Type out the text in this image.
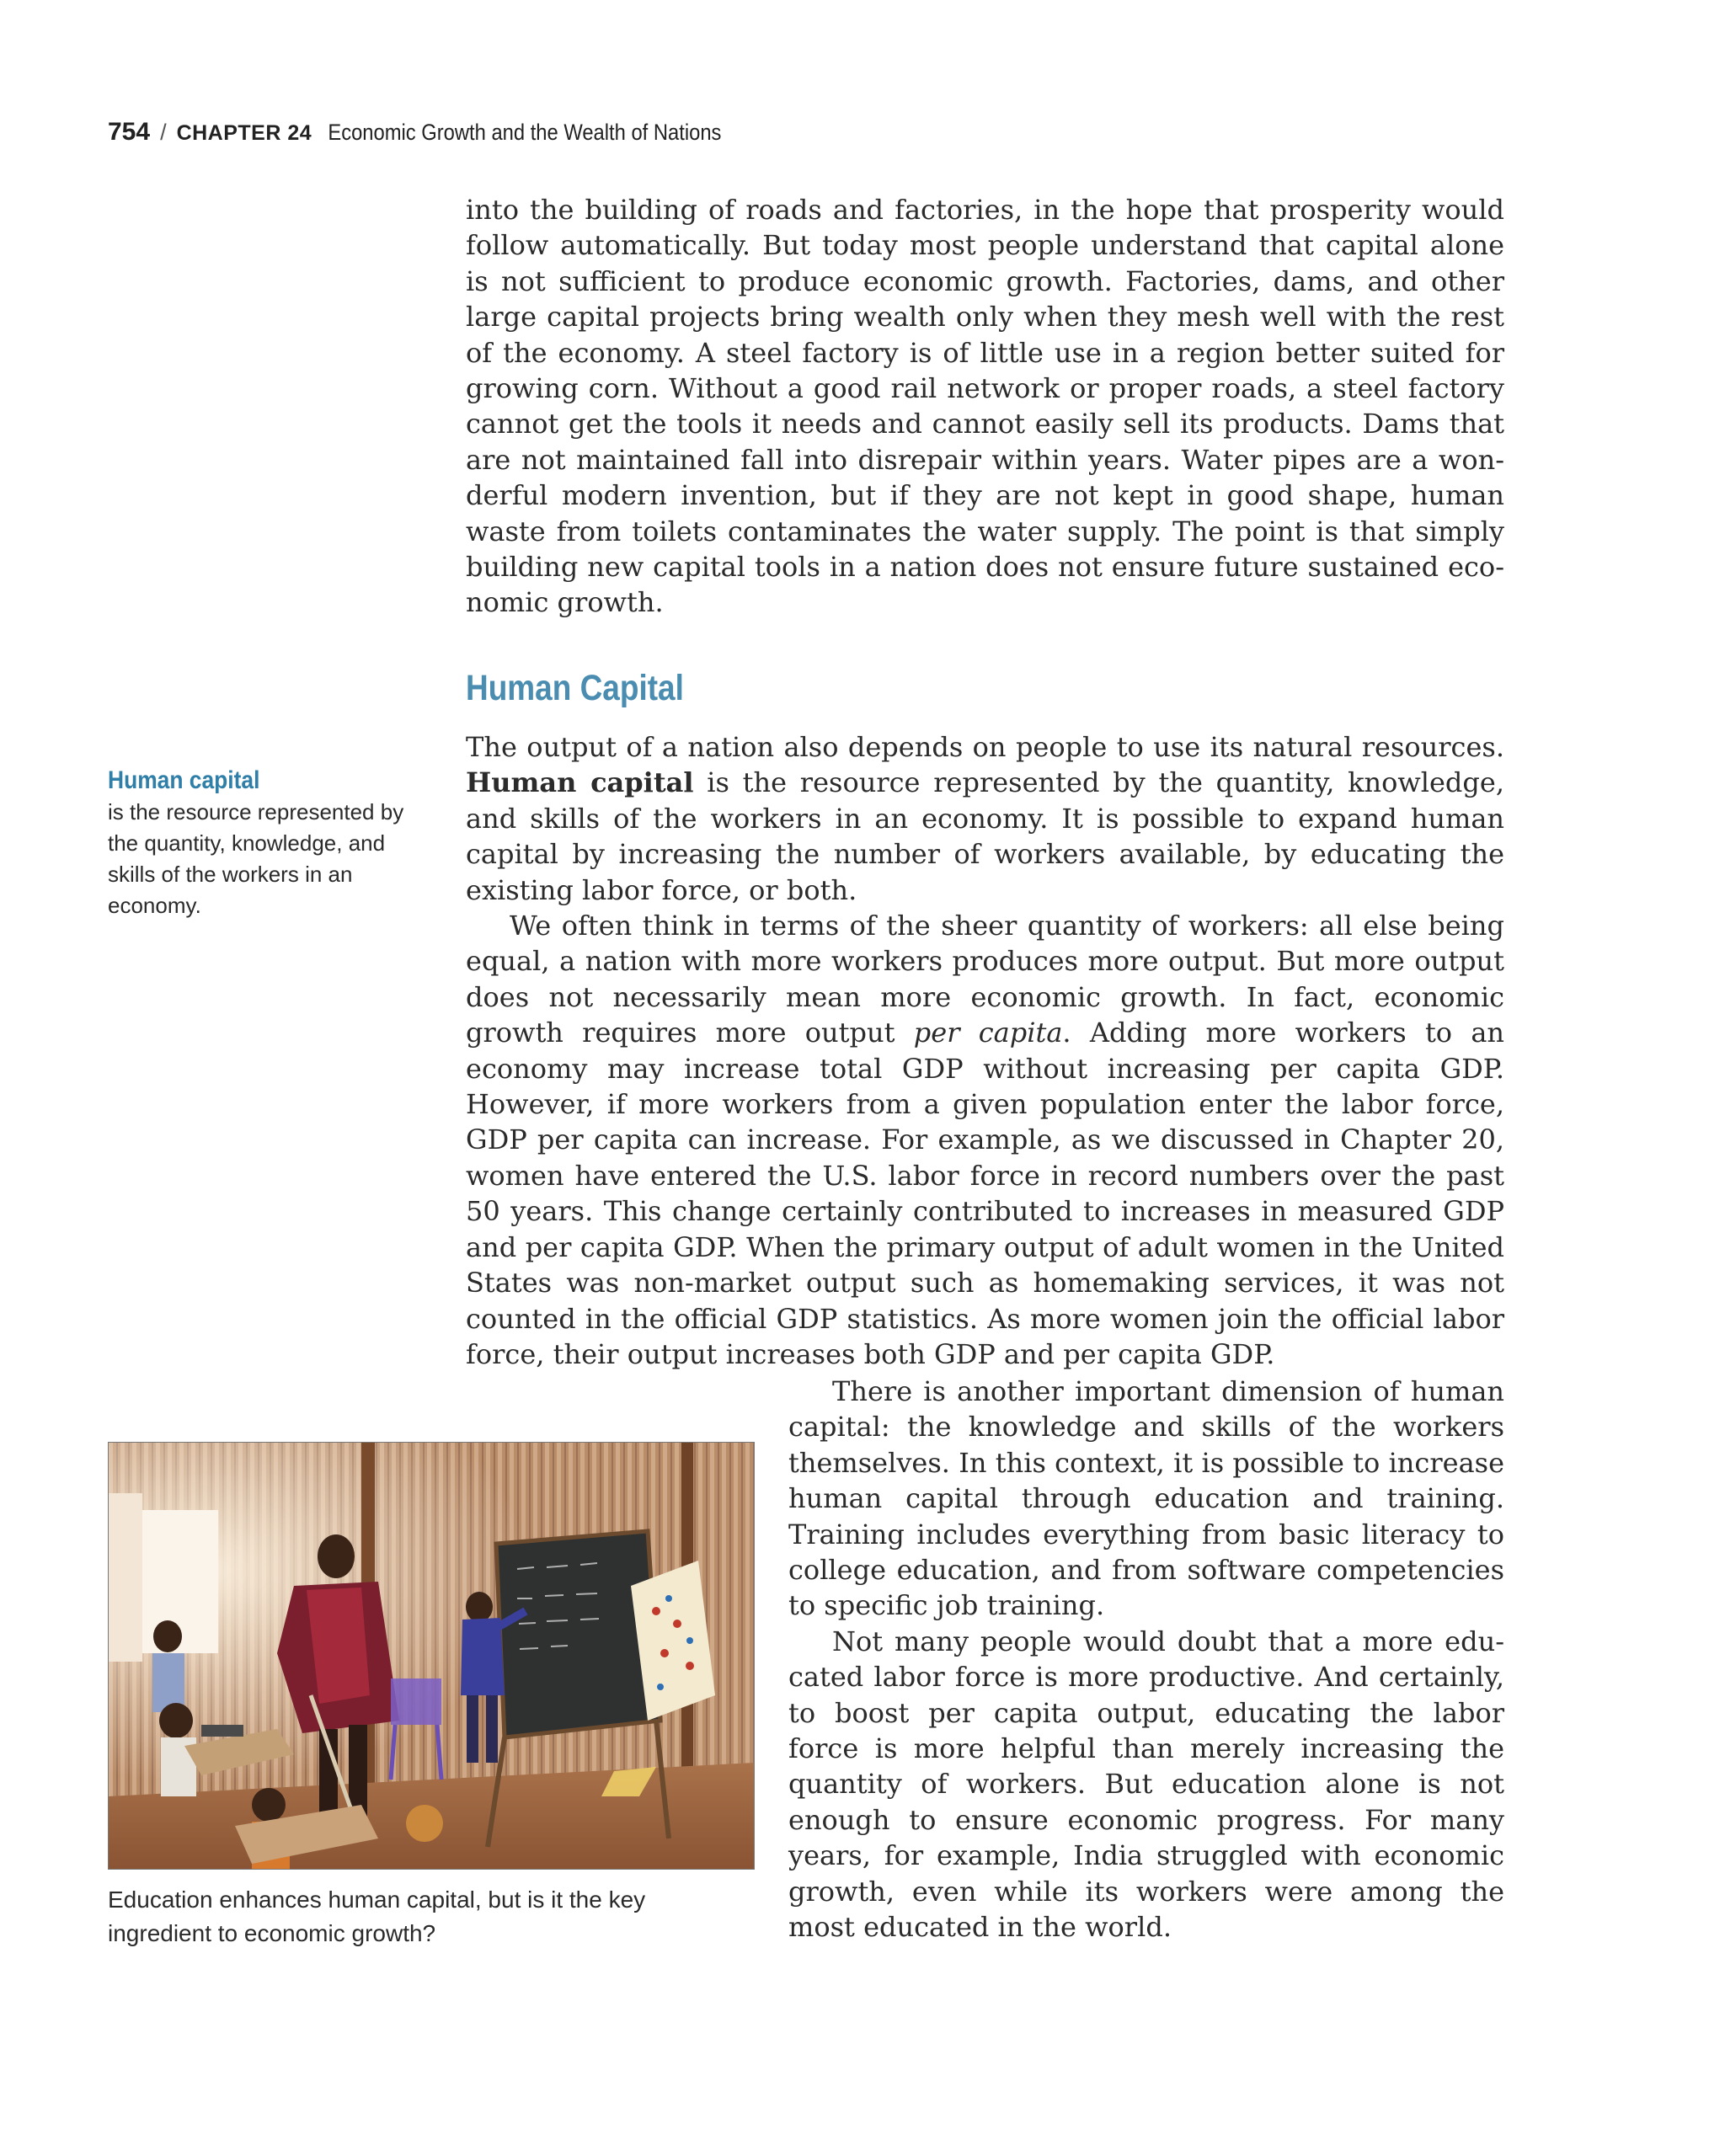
754 / CHAPTER 24 Economic Growth and the Wealth of Nations

into the building of roads and factories, in the hope that prosperity would follow automatically. But today most people understand that capital alone is not sufficient to produce economic growth. Factories, dams, and other large capital projects bring wealth only when they mesh well with the rest of the economy. A steel factory is of little use in a region better suited for growing corn. Without a good rail network or proper roads, a steel factory cannot get the tools it needs and cannot easily sell its products. Dams that are not maintained fall into disrepair within years. Water pipes are a wonderful modern invention, but if they are not kept in good shape, human waste from toilets contaminates the water supply. The point is that simply building new capital tools in a nation does not ensure future sustained economic growth.

Human Capital

The output of a nation also depends on people to use its natural resources. Human capital is the resource represented by the quantity, knowledge, and skills of the workers in an economy. It is possible to expand human capital by increasing the number of workers available, by educating the existing labor force, or both.

We often think in terms of the sheer quantity of workers: all else being equal, a nation with more workers produces more output. But more output does not necessarily mean more economic growth. In fact, economic growth requires more output per capita. Adding more workers to an economy may increase total GDP without increasing per capita GDP. However, if more workers from a given population enter the labor force, GDP per capita can increase. For example, as we discussed in Chapter 20, women have entered the U.S. labor force in record numbers over the past 50 years. This change certainly contributed to increases in measured GDP and per capita GDP. When the primary output of adult women in the United States was non-market output such as homemaking services, it was not counted in the official GDP statistics. As more women join the official labor force, their output increases both GDP and per capita GDP.

There is another important dimension of human capital: the knowledge and skills of the workers themselves. In this context, it is possible to increase human capital through education and training. Training includes everything from basic literacy to college education, and from software competencies to specific job training.

Not many people would doubt that a more educated labor force is more productive. And certainly, to boost per capita output, educating the labor force is more helpful than merely increasing the quantity of workers. But education alone is not enough to ensure economic progress. For many years, for example, India struggled with economic growth, even while its workers were among the most educated in the world.

Human capital
is the resource represented by the quantity, knowledge, and skills of the workers in an economy.
Education enhances human capital, but is it the key ingredient to economic growth?
